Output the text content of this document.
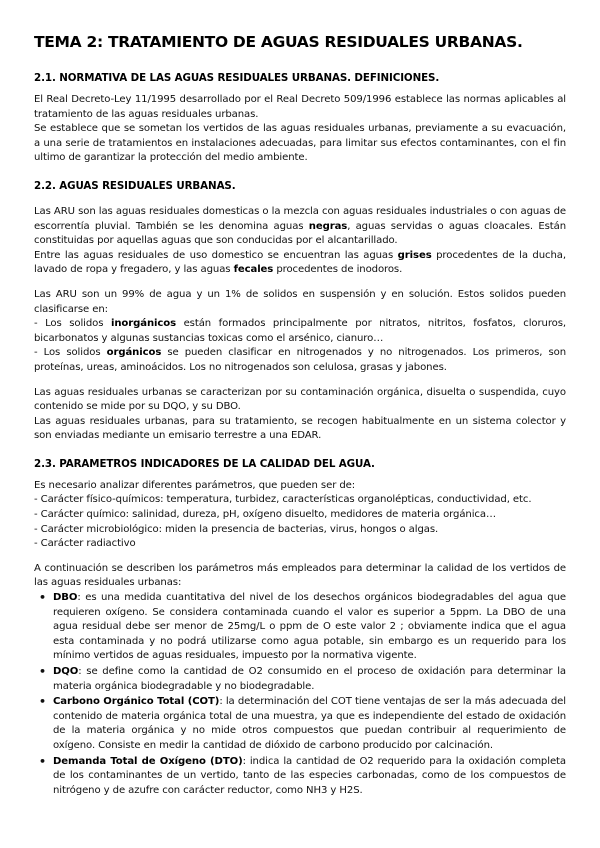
TEMA 2: TRATAMIENTO DE AGUAS RESIDUALES URBANAS.
2.1. NORMATIVA DE LAS AGUAS RESIDUALES URBANAS. DEFINICIONES.

El Real Decreto-Ley 11/1995 desarrollado por el Real Decreto 509/1996 establece las normas aplicables al tratamiento de las aguas residuales urbanas.

Se establece que se sometan los vertidos de las aguas residuales urbanas, previamente a su evacuación, a una serie de tratamientos en instalaciones adecuadas, para limitar sus efectos contaminantes, con el fin ultimo de garantizar la protección del medio ambiente.

2.2. AGUAS RESIDUALES URBANAS.

Las ARU son las aguas residuales domesticas o la mezcla con aguas residuales industriales o con aguas de escorrentía pluvial. También se les denomina aguas negras, aguas servidas o aguas cloacales. Están constituidas por aquellas aguas que son conducidas por el alcantarillado.

Entre las aguas residuales de uso domestico se encuentran las aguas grises procedentes de la ducha, lavado de ropa y fregadero, y las aguas fecales procedentes de inodoros.

Las ARU son un 99% de agua y un 1% de solidos en suspensión y en solución. Estos solidos pueden clasificarse en:

- Los solidos inorgánicos están formados principalmente por nitratos, nitritos, fosfatos, cloruros, bicarbonatos y algunas sustancias toxicas como el arsénico, cianuro…

- Los solidos orgánicos se pueden clasificar en nitrogenados y no nitrogenados. Los primeros, son proteínas, ureas, aminoácidos. Los no nitrogenados son celulosa, grasas y jabones.

Las aguas residuales urbanas se caracterizan por su contaminación orgánica, disuelta o suspendida, cuyo contenido se mide por su DQO, y su DBO.

Las aguas residuales urbanas, para su tratamiento, se recogen habitualmente en un sistema colector y son enviadas mediante un emisario terrestre a una EDAR.

2.3. PARAMETROS INDICADORES DE LA CALIDAD DEL AGUA.

Es necesario analizar diferentes parámetros, que pueden ser de:

- Carácter físico-químicos: temperatura, turbidez, características organolépticas, conductividad, etc.

- Carácter químico: salinidad, dureza, pH, oxígeno disuelto, medidores de materia orgánica…

- Carácter microbiológico: miden la presencia de bacterias, virus, hongos o algas.

- Carácter radiactivo

A continuación se describen los parámetros más empleados para determinar la calidad de los vertidos de las aguas residuales urbanas:

• DBO: es una medida cuantitativa del nivel de los desechos orgánicos biodegradables del agua que requieren oxígeno. Se considera contaminada cuando el valor es superior a 5ppm. La DBO de una agua residual debe ser menor de 25mg/L o ppm de O este valor 2 ; obviamente indica que el agua esta contaminada y no podrá utilizarse como agua potable, sin embargo es un requerido para los mínimo vertidos de aguas residuales, impuesto por la normativa vigente.
• DQO: se define como la cantidad de O2 consumido en el proceso de oxidación para determinar la materia orgánica biodegradable y no biodegradable.
• Carbono Orgánico Total (COT): la determinación del COT tiene ventajas de ser la más adecuada del contenido de materia orgánica total de una muestra, ya que es independiente del estado de oxidación de la materia orgánica y no mide otros compuestos que puedan contribuir al requerimiento de oxígeno. Consiste en medir la cantidad de dióxido de carbono producido por calcinación.
• Demanda Total de Oxígeno (DTO): indica la cantidad de O2 requerido para la oxidación completa de los contaminantes de un vertido, tanto de las especies carbonadas, como de los compuestos de nitrógeno y de azufre con carácter reductor, como NH3 y H2S.
